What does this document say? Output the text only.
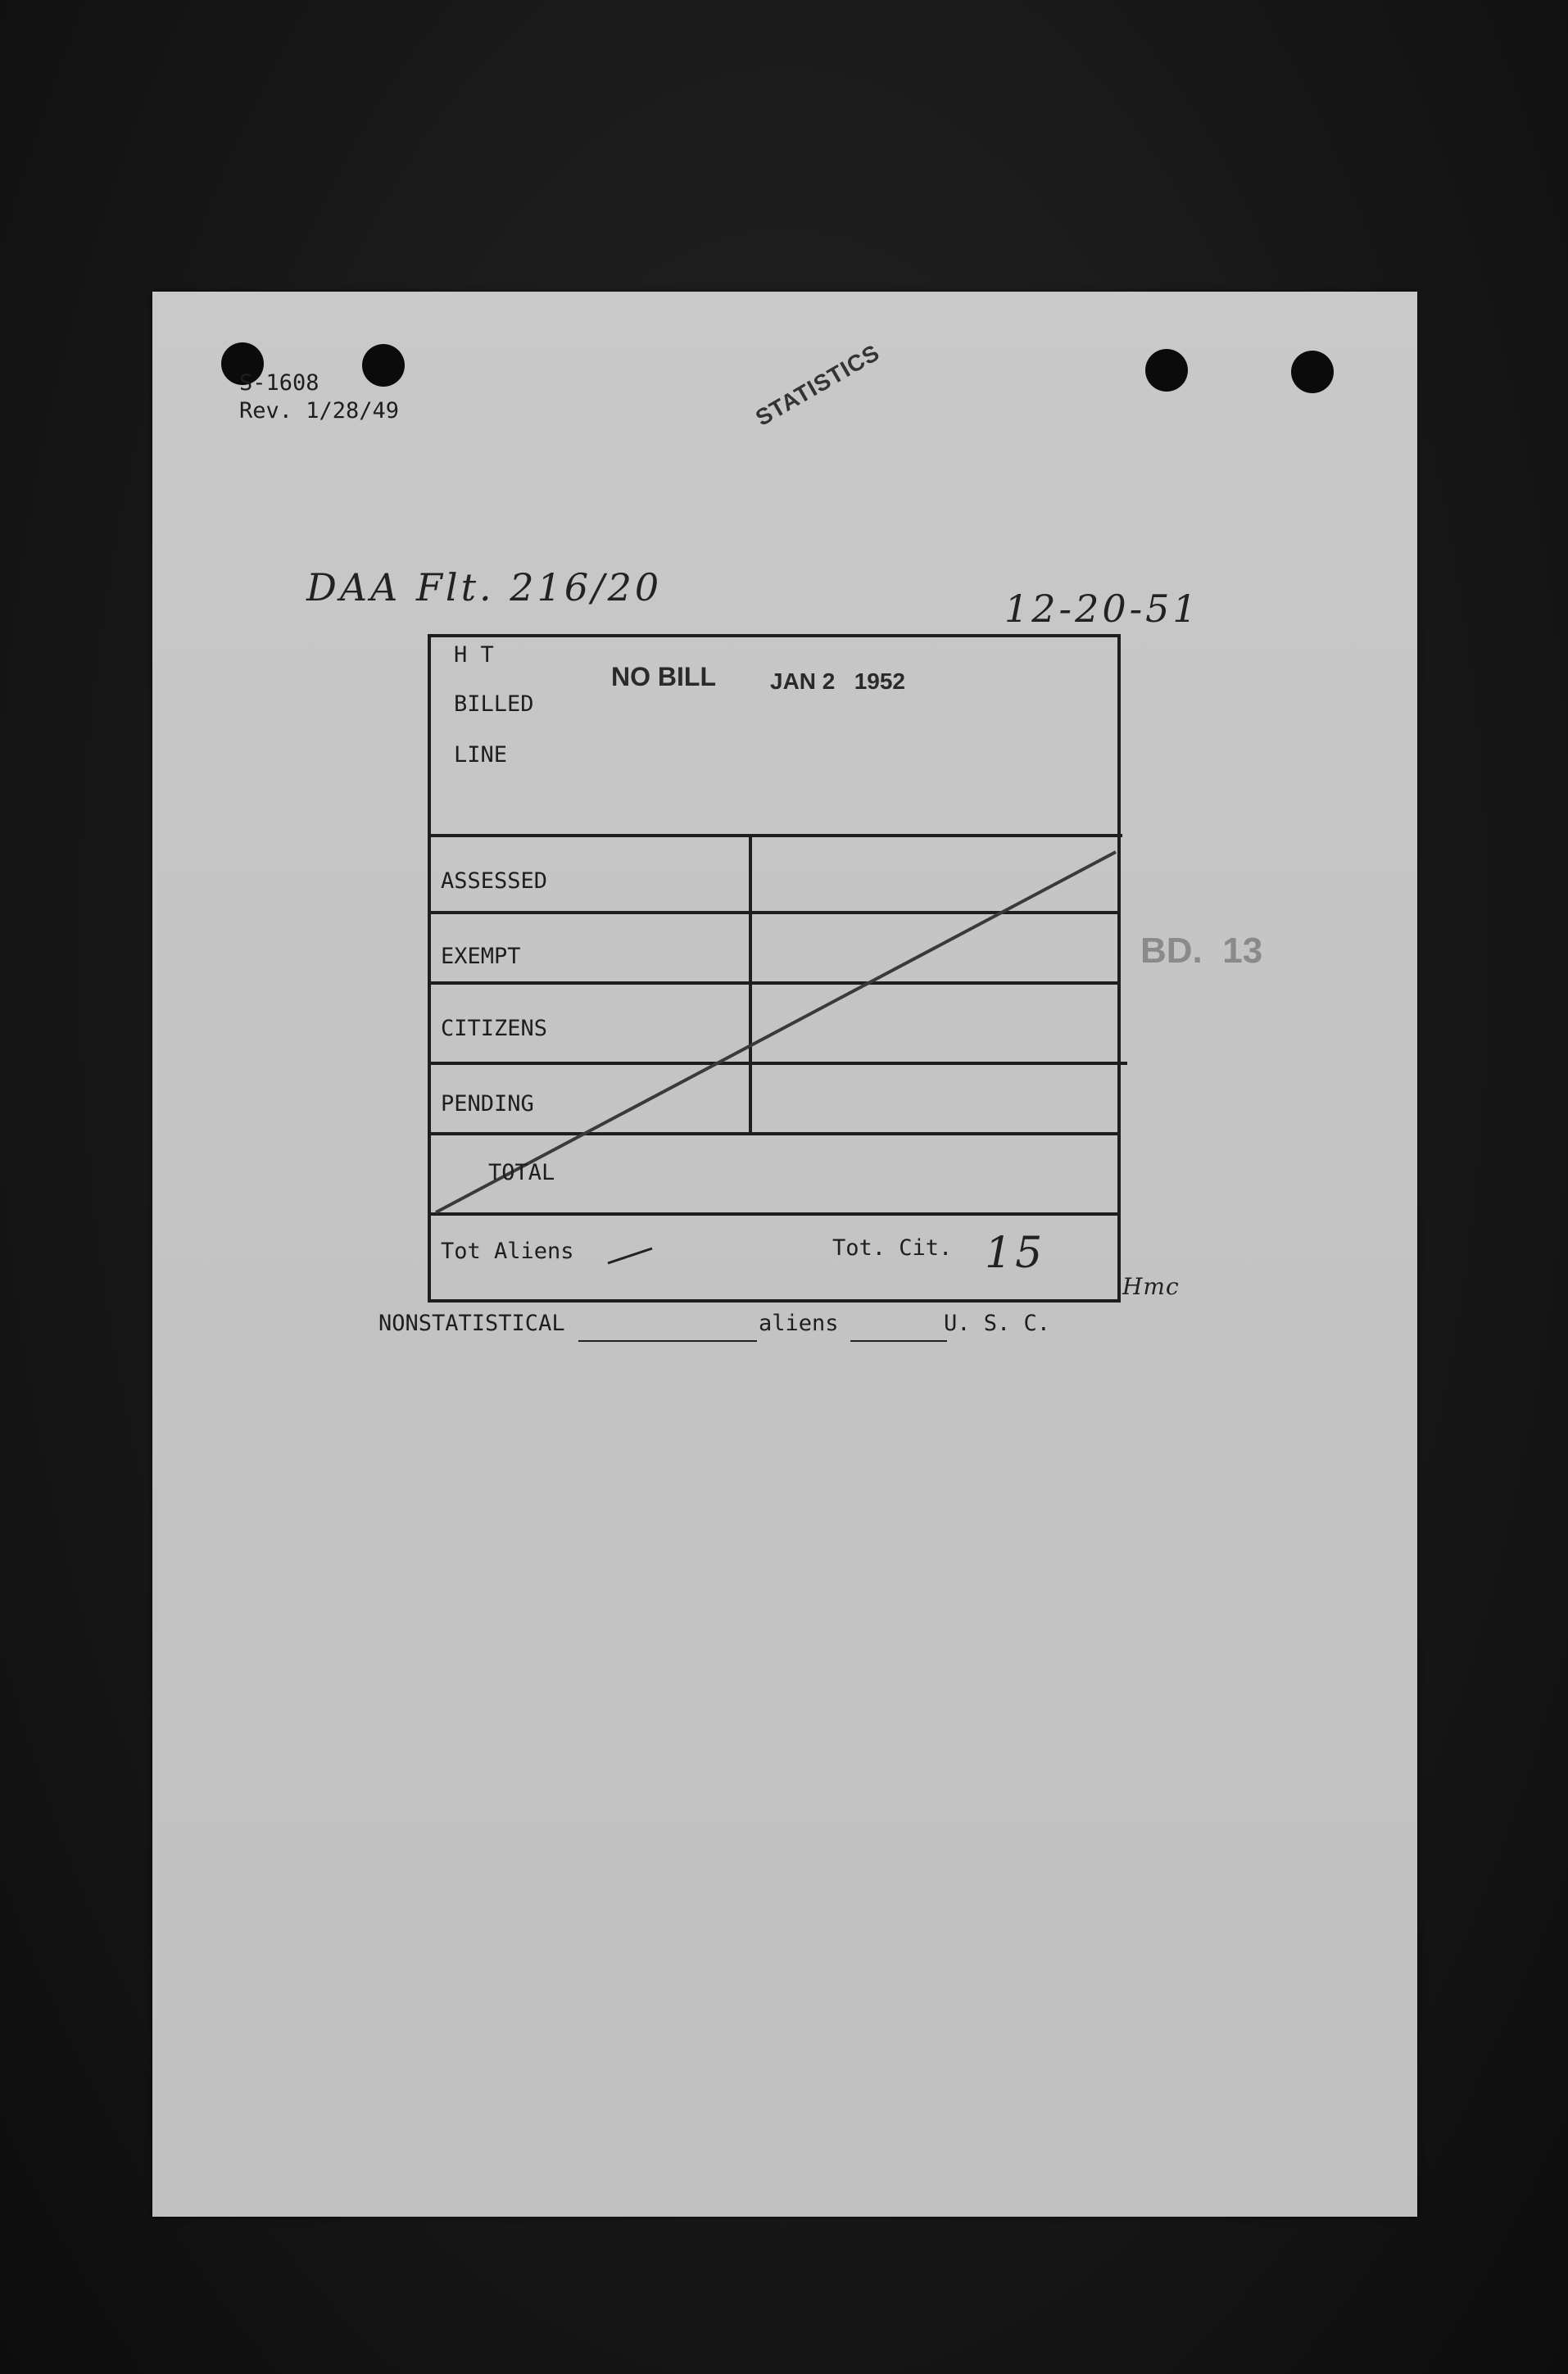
S-1608
Rev. 1/28/49	STATISTICS
DAA Flt. 216/20	12-20-51
H T
BILLED
LINE
NO BILL JAN 2   1952
ASSESSED
EXEMPT
CITIZENS
PENDING
TOTAL
Tot Aliens	Tot. Cit. 15
Hmc
BD.  13
NONSTATISTICAL	aliens	U. S. C.
